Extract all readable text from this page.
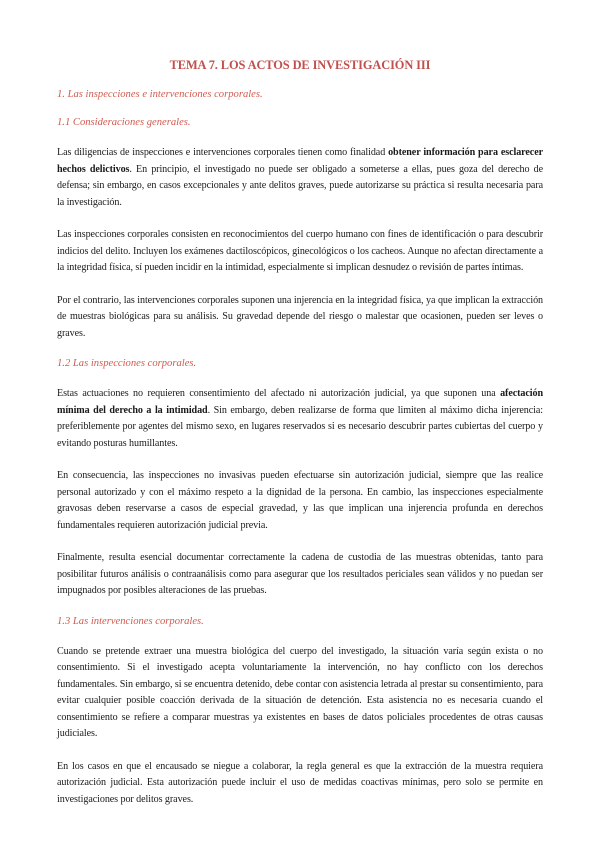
TEMA 7. LOS ACTOS DE INVESTIGACIÓN III
1. Las inspecciones e intervenciones corporales.
1.1 Consideraciones generales.

Las diligencias de inspecciones e intervenciones corporales tienen como finalidad obtener información para esclarecer hechos delictivos. En principio, el investigado no puede ser obligado a someterse a ellas, pues goza del derecho de defensa; sin embargo, en casos excepcionales y ante delitos graves, puede autorizarse su práctica si resulta necesaria para la investigación.

Las inspecciones corporales consisten en reconocimientos del cuerpo humano con fines de identificación o para descubrir indicios del delito. Incluyen los exámenes dactiloscópicos, ginecológicos o los cacheos. Aunque no afectan directamente a la integridad física, sí pueden incidir en la intimidad, especialmente si implican desnudez o revisión de partes íntimas.

Por el contrario, las intervenciones corporales suponen una injerencia en la integridad física, ya que implican la extracción de muestras biológicas para su análisis. Su gravedad depende del riesgo o malestar que ocasionen, pueden ser leves o graves.

1.2 Las inspecciones corporales.

Estas actuaciones no requieren consentimiento del afectado ni autorización judicial, ya que suponen una afectación mínima del derecho a la intimidad. Sin embargo, deben realizarse de forma que limiten al máximo dicha injerencia: preferiblemente por agentes del mismo sexo, en lugares reservados si es necesario descubrir partes cubiertas del cuerpo y evitando posturas humillantes.

En consecuencia, las inspecciones no invasivas pueden efectuarse sin autorización judicial, siempre que las realice personal autorizado y con el máximo respeto a la dignidad de la persona. En cambio, las inspecciones especialmente gravosas deben reservarse a casos de especial gravedad, y las que implican una injerencia profunda en derechos fundamentales requieren autorización judicial previa.

Finalmente, resulta esencial documentar correctamente la cadena de custodia de las muestras obtenidas, tanto para posibilitar futuros análisis o contraanálisis como para asegurar que los resultados periciales sean válidos y no puedan ser impugnados por posibles alteraciones de las pruebas.

1.3 Las intervenciones corporales.

Cuando se pretende extraer una muestra biológica del cuerpo del investigado, la situación varía según exista o no consentimiento. Si el investigado acepta voluntariamente la intervención, no hay conflicto con los derechos fundamentales. Sin embargo, si se encuentra detenido, debe contar con asistencia letrada al prestar su consentimiento, para evitar cualquier posible coacción derivada de la situación de detención. Esta asistencia no es necesaria cuando el consentimiento se refiere a comparar muestras ya existentes en bases de datos policiales procedentes de otras causas judiciales.

En los casos en que el encausado se niegue a colaborar, la regla general es que la extracción de la muestra requiera autorización judicial. Esta autorización puede incluir el uso de medidas coactivas mínimas, pero solo se permite en investigaciones por delitos graves.
